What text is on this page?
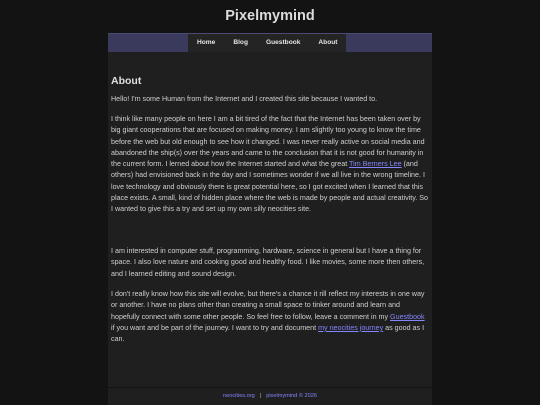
Pixelmymind
Home	Blog	Guestbook	About
About

Hello! I'm some Human from the Internet and I created this site because I wanted to.

I think like many people on here I am a bit tired of the fact that the Internet has been taken over by big giant cooperations that are focused on making money. I am slightly too young to know the time before the web but old enough to see how it changed. I was never really active on social media and abandoned the ship(s) over the years and came to the conclusion that it is not good for humanity in the current form. I lerned about how the Internet started and what the great Tim Berners Lee (and others) had envisioned back in the day and I sometimes wonder if we all live in the wrong timeline. I love technology and obviously there is great potential here, so I got excited when I learned that this place exists. A small, kind of hidden place where the web is made by people and actual creativity. So I wanted to give this a try and set up my own silly neocities site.

I am interested in computer stuff, programming, hardware, science in general but I have a thing for space. I also love nature and cooking good and healthy food. I like movies, some more then others, and I learned editing and sound design.

I don't really know how this site will evolve, but there's a chance it rill reflect my interests in one way or another. I have no plans other than creating a small space to tinker around and learn and hopefully connect with some other people. So feel free to follow, leave a comment in my Guestbook if you want and be part of the journey. I want to try and document my neocities journey as good as I can.

neocities.org | pixelmymind © 2026
